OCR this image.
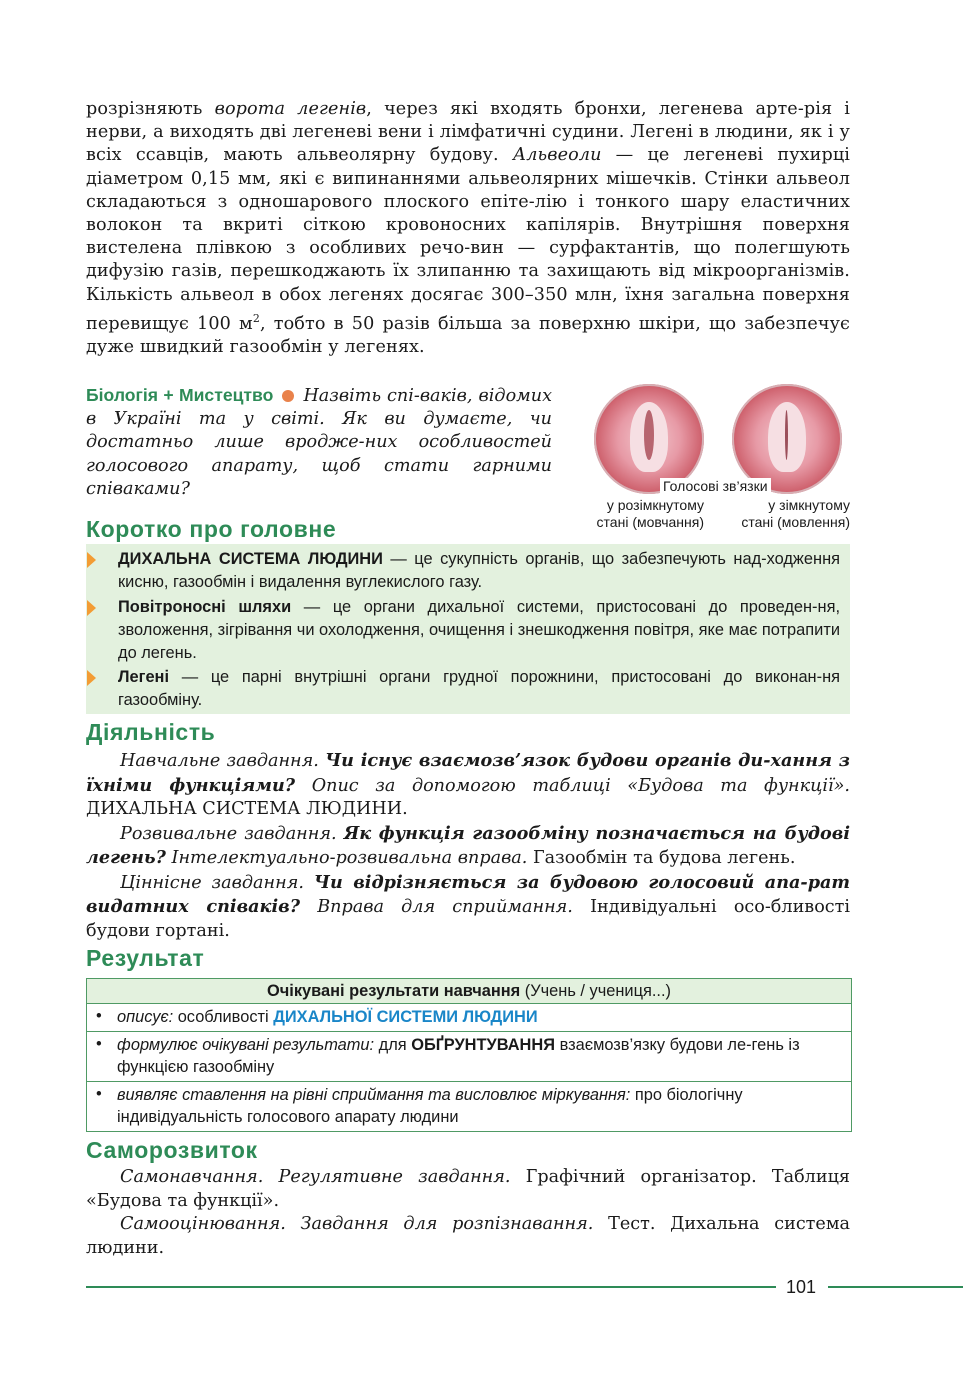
розрізняють ворота легенів, через які входять бронхи, легенева арте-рія і нерви, а виходять дві легеневі вени і лімфатичні судини. Легені в людини, як і у всіх ссавців, мають альвеолярну будову. Альвеоли — це легеневі пухирці діаметром 0,15 мм, які є випинаннями альвеолярних мішечків. Стінки альвеол складаються з одношарового плоского епіте-лію і тонкого шару еластичних волокон та вкриті сіткою кровоносних капілярів. Внутрішня поверхня вистелена плівкою з особливих речо-вин — сурфактантів, що полегшують дифузію газів, перешкоджають їх злипанню та захищають від мікроорганізмів. Кількість альвеол в обох легенях досягає 300–350 млн, їхня загальна поверхня перевищує 100 $м^2$, тобто в 50 разів більша за поверхню шкіри, що забезпечує дуже швидкий газообмін у легенях.

Біологія + Мистецтво Назвіть спі-ваків, відомих в Україні та у світі. Як ви думаєте, чи достатньо лише вродже-них особливостей голосового апарату, щоб стати гарними співаками?	Голосові зв’язки
у розімкнутому
стані (мовчання)
у зімкнутому
стані (мовлення)
Коротко про головне
ДИХАЛЬНА СИСТЕМА ЛЮДИНИ — це сукупність органів, що забезпечують над-ходження кисню, газообмін і видалення вуглекислого газу.
Повітроносні шляхи — це органи дихальної системи, пристосовані до проведен-ня, зволоження, зігрівання чи охолодження, очищення і знешкодження повітря, яке має потрапити до легень.
Легені — це парні внутрішні органи грудної порожнини, пристосовані до виконан-ня газообміну.
Діяльність

Навчальне завдання. Чи існує взаємозв’язок будови органів ди-хання з їхніми функціями? Опис за допомогою таблиці «Будова та функції». ДИХАЛЬНА СИСТЕМА ЛЮДИНИ.

Розвивальне завдання. Як функція газообміну позначається на будові легень? Інтелектуально-розвивальна вправа. Газообмін та будова легень.

Ціннісне завдання. Чи відрізняється за будовою голосовий апа-рат видатних співаків? Вправа для сприймання. Індивідуальні осо-бливості будови гортані.

Результат
Очікувані результати навчання (Учень / учениця...)
• описує: особливості ДИХАЛЬНОЇ СИСТЕМИ ЛЮДИНИ
• формулює очікувані результати: для ОБҐРУНТУВАННЯ взаємозв’язку будови ле-гень із функцією газообміну
• виявляє ставлення на рівні сприймання та висловлює міркування: про біологічну індивідуальність голосового апарату людини
Саморозвиток

Самонавчання. Регулятивне завдання. Графічний організатор. Таблиця «Будова та функції».

Самооцінювання. Завдання для розпізнавання. Тест. Дихальна система людини.

101
